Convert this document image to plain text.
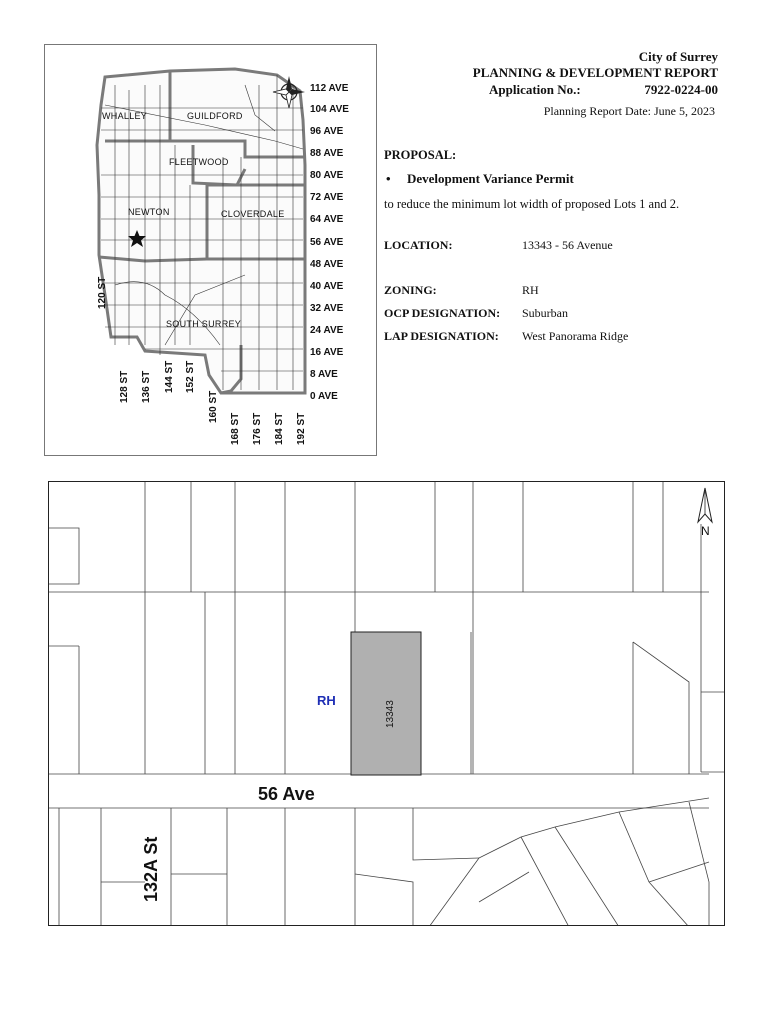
WHALLEY	GUILDFORD
FLEETWOOD
NEWTON	CLOVERDALE
SOUTH SURREY
112 AVE
104 AVE
96 AVE
88 AVE
80 AVE
72 AVE
64 AVE
56 AVE
48 AVE
40 AVE
32 AVE
24 AVE
16 AVE
8 AVE
0 AVE
120 ST
128 ST 136 ST 144 ST 152 ST
160 ST
168 ST 176 ST 184 ST 192 ST
City of Surrey
PLANNING & DEVELOPMENT REPORT
Application No.:	7922-0224-00
Planning Report Date: June 5, 2023
PROPOSAL:
• Development Variance Permit
to reduce the minimum lot width of proposed Lots 1 and 2.
LOCATION:	13343 - 56 Avenue
ZONING:	RH
OCP DESIGNATION: Suburban
LAP DESIGNATION: West Panorama Ridge
RH	13343
56 Ave
132A St
N
